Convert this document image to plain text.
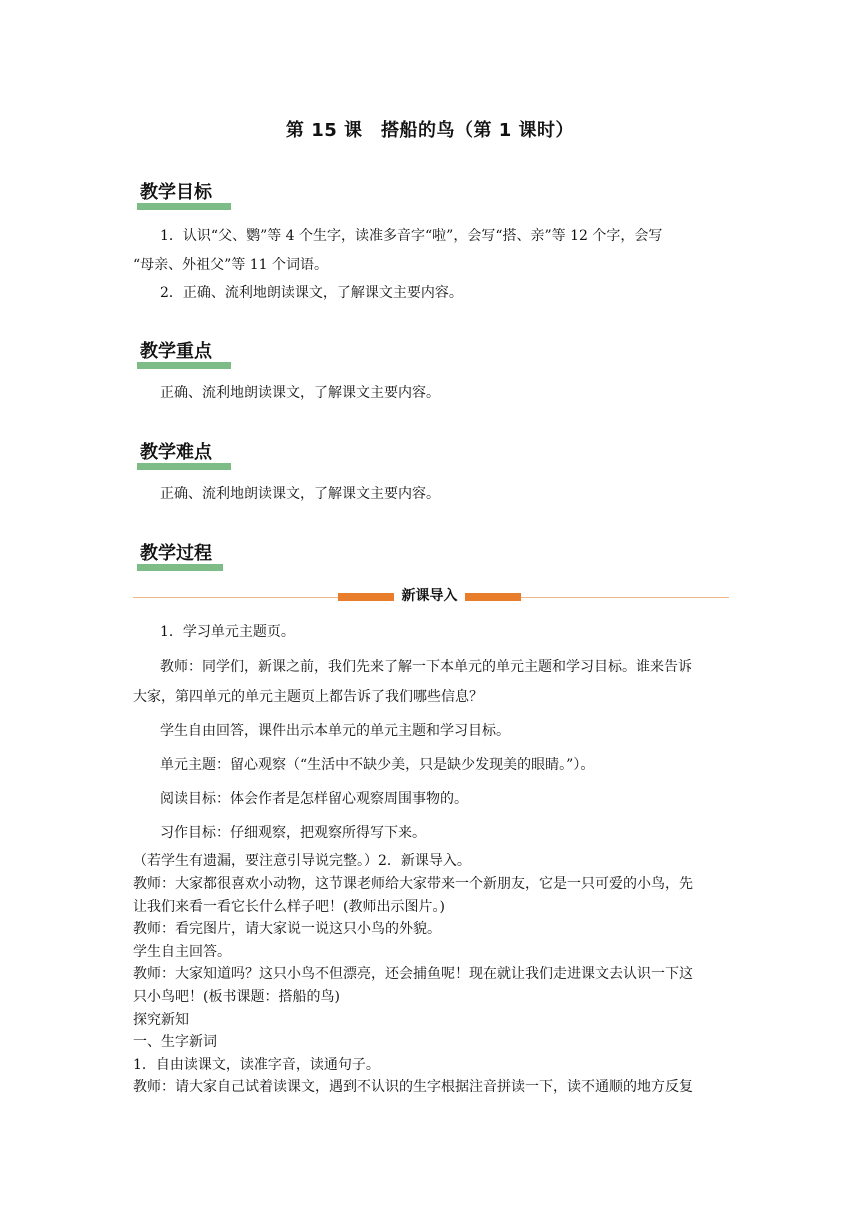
第 15 课　搭船的鸟（第 1 课时）
教学目标
1．认识“父、鹦”等 4 个生字，读准多音字“啦”，会写“搭、亲”等 12 个字，会写
“母亲、外祖父”等 11 个词语。
2．正确、流利地朗读课文，了解课文主要内容。
教学重点
正确、流利地朗读课文，了解课文主要内容。
教学难点
正确、流利地朗读课文，了解课文主要内容。
教学过程
新课导入
1．学习单元主题页。
教师：同学们，新课之前，我们先来了解一下本单元的单元主题和学习目标。谁来告诉
大家，第四单元的单元主题页上都告诉了我们哪些信息？
学生自由回答，课件出示本单元的单元主题和学习目标。
单元主题：留心观察（“生活中不缺少美，只是缺少发现美的眼睛。”）。
阅读目标：体会作者是怎样留心观察周围事物的。
习作目标：仔细观察，把观察所得写下来。
（若学生有遗漏，要注意引导说完整。）2．新课导入。
教师：大家都很喜欢小动物，这节课老师给大家带来一个新朋友，它是一只可爱的小鸟，先
让我们来看一看它长什么样子吧！(教师出示图片。)
教师：看完图片，请大家说一说这只小鸟的外貌。
学生自主回答。
教师：大家知道吗？这只小鸟不但漂亮，还会捕鱼呢！现在就让我们走进课文去认识一下这
只小鸟吧！(板书课题：搭船的鸟)
探究新知
一、生字新词
1．自由读课文，读准字音，读通句子。
教师：请大家自己试着读课文，遇到不认识的生字根据注音拼读一下，读不通顺的地方反复
